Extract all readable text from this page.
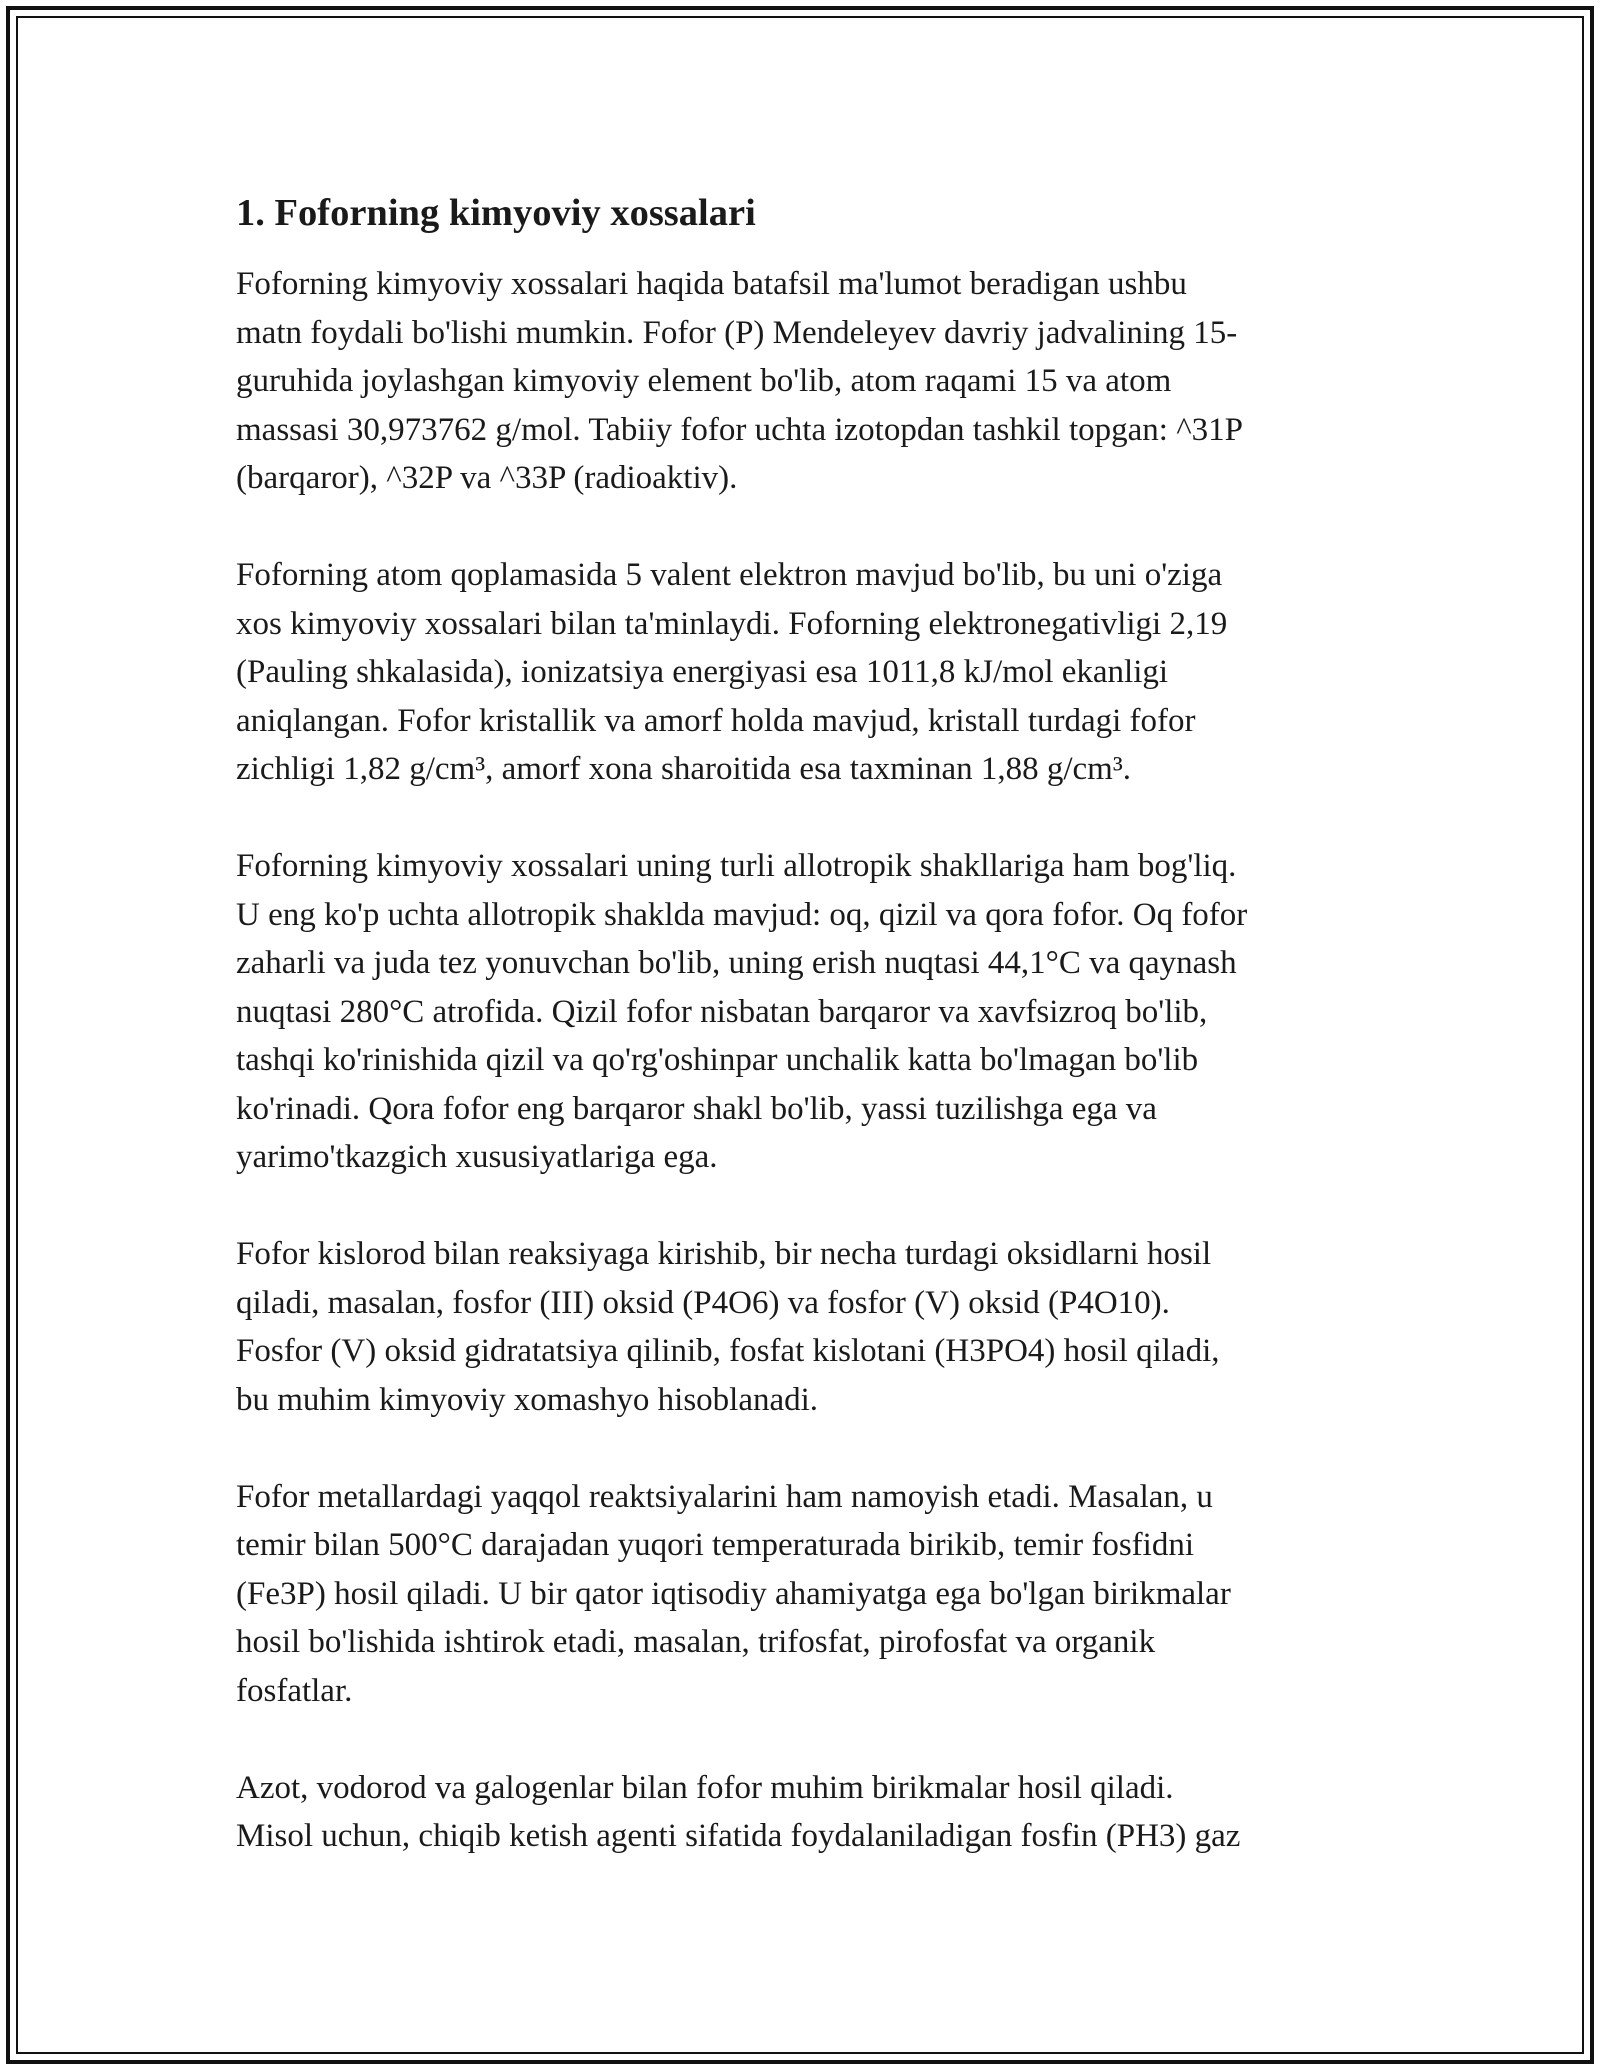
1. Foforning kimyoviy xossalari

Foforning kimyoviy xossalari haqida batafsil ma'lumot beradigan ushbu
matn foydali bo'lishi mumkin. Fofor (P) Mendeleyev davriy jadvalining 15-
guruhida joylashgan kimyoviy element bo'lib, atom raqami 15 va atom
massasi 30,973762 g/mol. Tabiiy fofor uchta izotopdan tashkil topgan: ^31P
(barqaror), ^32P va ^33P (radioaktiv).

Foforning atom qoplamasida 5 valent elektron mavjud bo'lib, bu uni o'ziga
xos kimyoviy xossalari bilan ta'minlaydi. Foforning elektronegativligi 2,19
(Pauling shkalasida), ionizatsiya energiyasi esa 1011,8 kJ/mol ekanligi
aniqlangan. Fofor kristallik va amorf holda mavjud, kristall turdagi fofor
zichligi 1,82 g/cm³, amorf xona sharoitida esa taxminan 1,88 g/cm³.

Foforning kimyoviy xossalari uning turli allotropik shakllariga ham bog'liq.
U eng ko'p uchta allotropik shaklda mavjud: oq, qizil va qora fofor. Oq fofor
zaharli va juda tez yonuvchan bo'lib, uning erish nuqtasi 44,1°C va qaynash
nuqtasi 280°C atrofida. Qizil fofor nisbatan barqaror va xavfsizroq bo'lib,
tashqi ko'rinishida qizil va qo'rg'oshinpar unchalik katta bo'lmagan bo'lib
ko'rinadi. Qora fofor eng barqaror shakl bo'lib, yassi tuzilishga ega va
yarimo'tkazgich xususiyatlariga ega.

Fofor kislorod bilan reaksiyaga kirishib, bir necha turdagi oksidlarni hosil
qiladi, masalan, fosfor (III) oksid (P4O6) va fosfor (V) oksid (P4O10).
Fosfor (V) oksid gidratatsiya qilinib, fosfat kislotani (H3PO4) hosil qiladi,
bu muhim kimyoviy xomashyo hisoblanadi.

Fofor metallardagi yaqqol reaktsiyalarini ham namoyish etadi. Masalan, u
temir bilan 500°C darajadan yuqori temperaturada birikib, temir fosfidni
(Fe3P) hosil qiladi. U bir qator iqtisodiy ahamiyatga ega bo'lgan birikmalar
hosil bo'lishida ishtirok etadi, masalan, trifosfat, pirofosfat va organik
fosfatlar.

Azot, vodorod va galogenlar bilan fofor muhim birikmalar hosil qiladi.
Misol uchun, chiqib ketish agenti sifatida foydalaniladigan fosfin (PH3) gaz
